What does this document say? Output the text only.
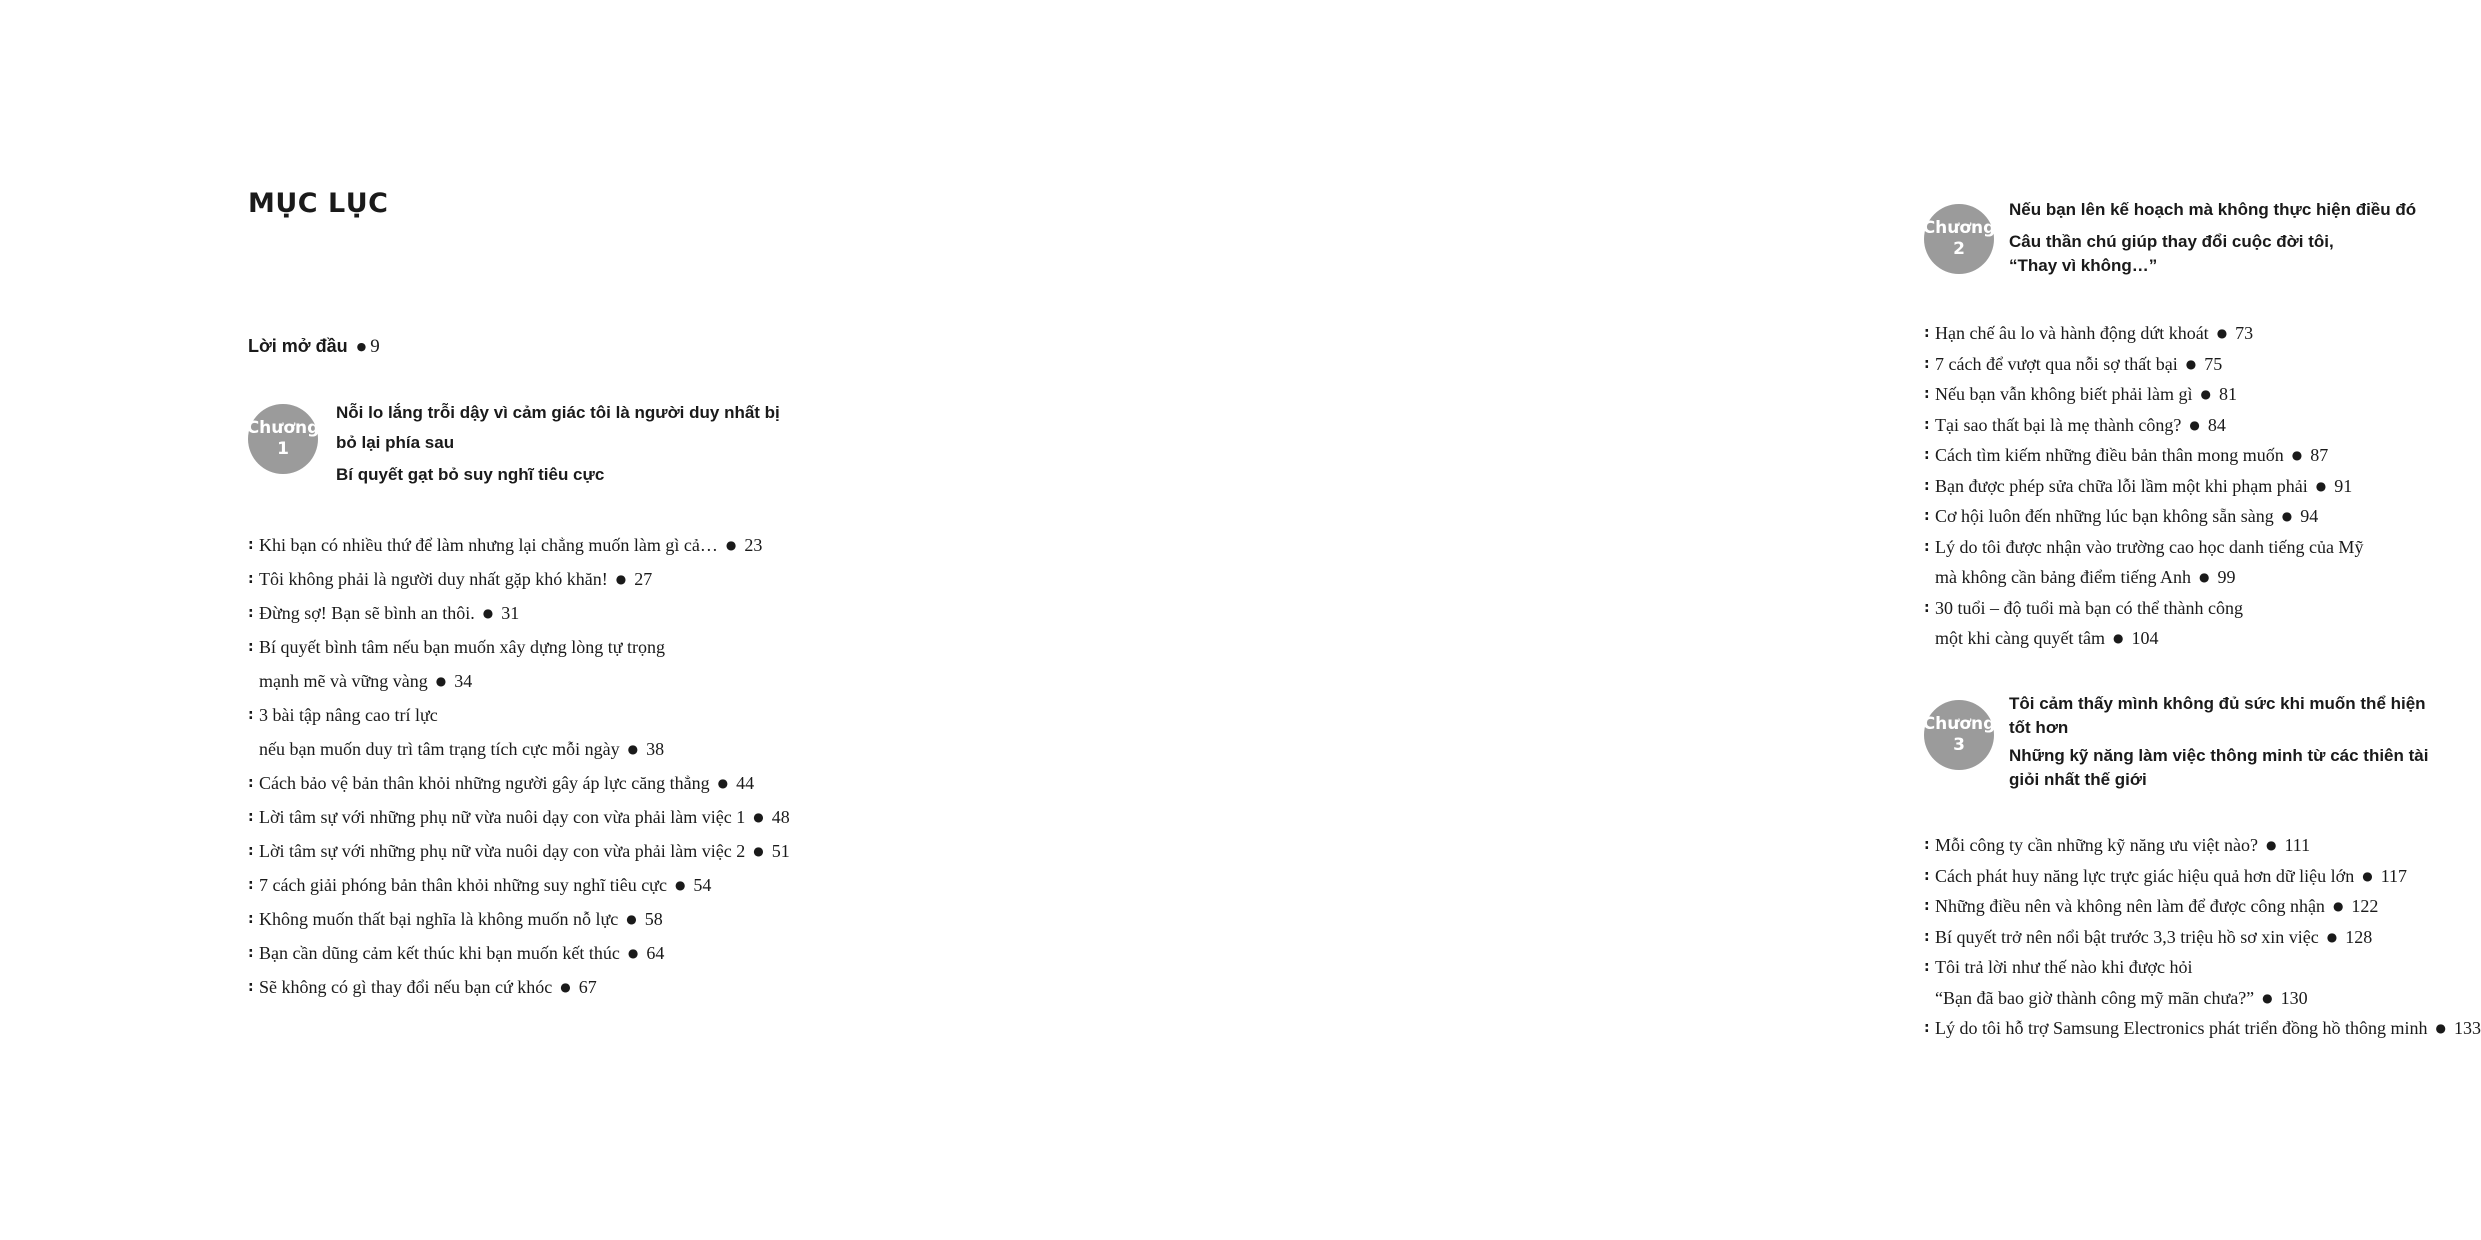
MỤC LỤC
Lời mở đầu ● 9
Chương
1
Nỗi lo lắng trỗi dậy vì cảm giác tôi là người duy nhất bị bỏ lại phía sau
Bí quyết gạt bỏ suy nghĩ tiêu cực
: Khi bạn có nhiều thứ để làm nhưng lại chẳng muốn làm gì cả… ● 23
: Tôi không phải là người duy nhất gặp khó khăn! ● 27
: Đừng sợ! Bạn sẽ bình an thôi. ● 31
: Bí quyết bình tâm nếu bạn muốn xây dựng lòng tự trọng
mạnh mẽ và vững vàng ● 34
: 3 bài tập nâng cao trí lực
nếu bạn muốn duy trì tâm trạng tích cực mỗi ngày ● 38
: Cách bảo vệ bản thân khỏi những người gây áp lực căng thẳng ● 44
: Lời tâm sự với những phụ nữ vừa nuôi dạy con vừa phải làm việc 1 ● 48
: Lời tâm sự với những phụ nữ vừa nuôi dạy con vừa phải làm việc 2 ● 51
: 7 cách giải phóng bản thân khỏi những suy nghĩ tiêu cực ● 54
: Không muốn thất bại nghĩa là không muốn nỗ lực ● 58
: Bạn cần dũng cảm kết thúc khi bạn muốn kết thúc ● 64
: Sẽ không có gì thay đổi nếu bạn cứ khóc ● 67
Chương
2
Nếu bạn lên kế hoạch mà không thực hiện điều đó
Câu thần chú giúp thay đổi cuộc đời tôi, “Thay vì không…”
: Hạn chế âu lo và hành động dứt khoát ● 73
: 7 cách để vượt qua nỗi sợ thất bại ● 75
: Nếu bạn vẫn không biết phải làm gì ● 81
: Tại sao thất bại là mẹ thành công? ● 84
: Cách tìm kiếm những điều bản thân mong muốn ● 87
: Bạn được phép sửa chữa lỗi lầm một khi phạm phải ● 91
: Cơ hội luôn đến những lúc bạn không sẵn sàng ● 94
: Lý do tôi được nhận vào trường cao học danh tiếng của Mỹ
mà không cần bảng điểm tiếng Anh ● 99
: 30 tuổi – độ tuổi mà bạn có thể thành công
một khi càng quyết tâm ● 104
Chương
3
Tôi cảm thấy mình không đủ sức khi muốn thể hiện tốt hơn
Những kỹ năng làm việc thông minh từ các thiên tài giỏi nhất thế giới
: Mỗi công ty cần những kỹ năng ưu việt nào? ● 111
: Cách phát huy năng lực trực giác hiệu quả hơn dữ liệu lớn ● 117
: Những điều nên và không nên làm để được công nhận ● 122
: Bí quyết trở nên nổi bật trước 3,3 triệu hồ sơ xin việc ● 128
: Tôi trả lời như thế nào khi được hỏi
“Bạn đã bao giờ thành công mỹ mãn chưa?” ● 130
: Lý do tôi hỗ trợ Samsung Electronics phát triển đồng hồ thông minh ● 133
